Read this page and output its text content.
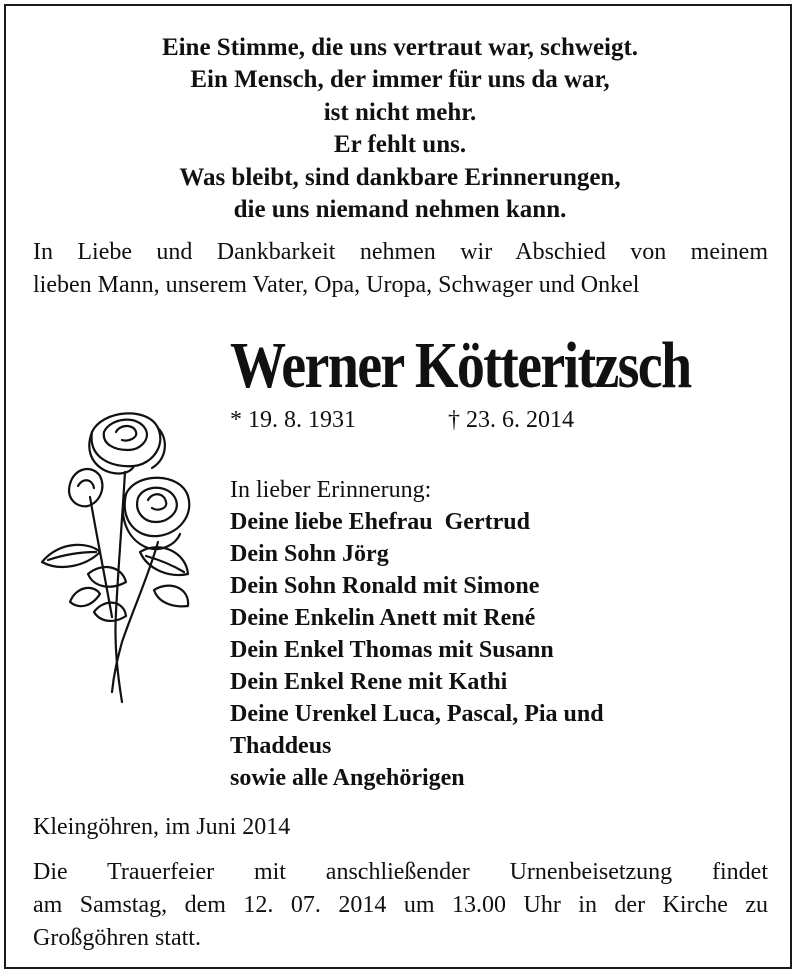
Eine Stimme, die uns vertraut war, schweigt.
Ein Mensch, der immer für uns da war,
ist nicht mehr.
Er fehlt uns.
Was bleibt, sind dankbare Erinnerungen,
die uns niemand nehmen kann.
In Liebe und Dankbarkeit nehmen wir Abschied von meinem
lieben Mann, unserem Vater, Opa, Uropa, Schwager und Onkel
Werner Kötteritzsch
* 19. 8. 1931	† 23. 6. 2014
In lieber Erinnerung:
Deine liebe Ehefrau  Gertrud
Dein Sohn Jörg
Dein Sohn Ronald mit Simone
Deine Enkelin Anett mit René
Dein Enkel Thomas mit Susann
Dein Enkel Rene mit Kathi
Deine Urenkel Luca, Pascal, Pia und
Thaddeus
sowie alle Angehörigen
Kleingöhren, im Juni 2014
Die Trauerfeier mit anschließender Urnenbeisetzung findet
am Samstag, dem 12. 07. 2014 um 13.00 Uhr in der Kirche zu
Großgöhren statt.
